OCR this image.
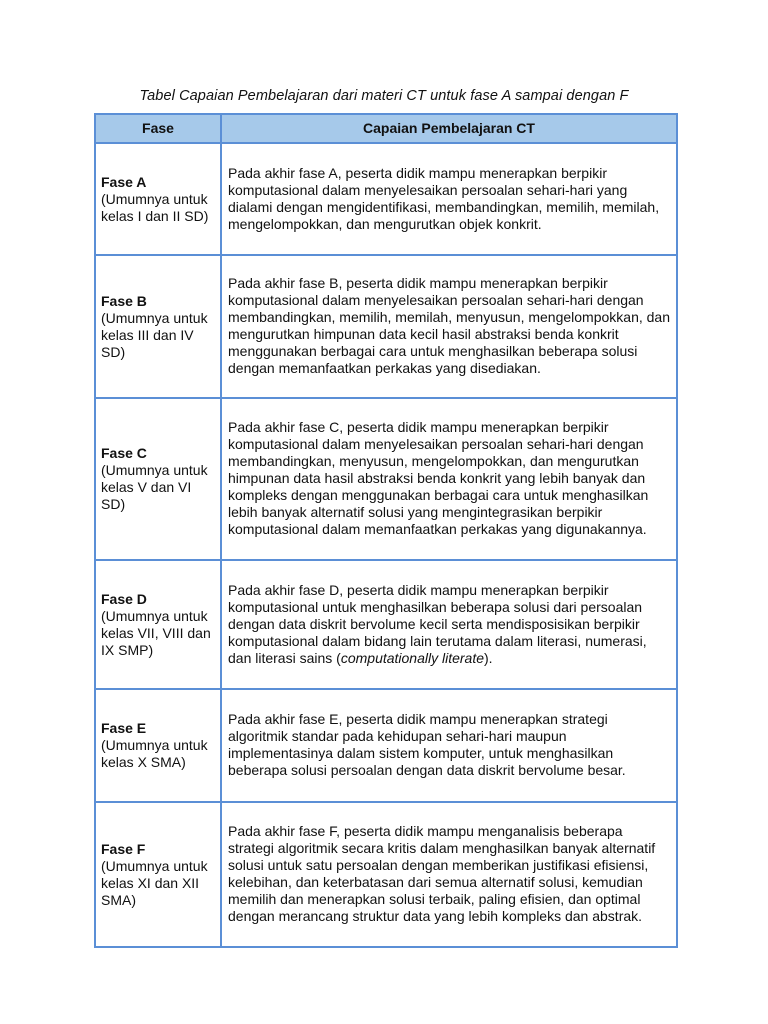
Tabel Capaian Pembelajaran dari materi CT untuk fase A sampai dengan F
Fase	Capaian Pembelajaran CT

Fase A
(Umumnya untuk kelas I dan II SD)	Pada akhir fase A, peserta didik mampu menerapkan berpikir komputasional dalam menyelesaikan persoalan sehari-hari yang dialami dengan mengidentifikasi, membandingkan, memilih, memilah, mengelompokkan, dan mengurutkan objek konkrit.

Fase B
(Umumnya untuk kelas III dan IV SD)	Pada akhir fase B, peserta didik mampu menerapkan berpikir komputasional dalam menyelesaikan persoalan sehari-hari dengan membandingkan, memilih, memilah, menyusun, mengelompokkan, dan mengurutkan himpunan data kecil hasil abstraksi benda konkrit menggunakan berbagai cara untuk menghasilkan beberapa solusi dengan memanfaatkan perkakas yang disediakan.

Fase C
(Umumnya untuk kelas V dan VI SD)	Pada akhir fase C, peserta didik mampu menerapkan berpikir komputasional dalam menyelesaikan persoalan sehari-hari dengan membandingkan, menyusun, mengelompokkan, dan mengurutkan himpunan data hasil abstraksi benda konkrit yang lebih banyak dan kompleks dengan menggunakan berbagai cara untuk menghasilkan lebih banyak alternatif solusi yang mengintegrasikan berpikir komputasional dalam memanfaatkan perkakas yang digunakannya.

Fase D
(Umumnya untuk kelas VII, VIII dan IX SMP)	Pada akhir fase D, peserta didik mampu menerapkan berpikir komputasional untuk menghasilkan beberapa solusi dari persoalan dengan data diskrit bervolume kecil serta mendisposisikan berpikir komputasional dalam bidang lain terutama dalam literasi, numerasi, dan literasi sains (computationally literate).

Fase E
(Umumnya untuk kelas X SMA)	Pada akhir fase E, peserta didik mampu menerapkan strategi algoritmik standar pada kehidupan sehari-hari maupun implementasinya dalam sistem komputer, untuk menghasilkan beberapa solusi persoalan dengan data diskrit bervolume besar.

Fase F
(Umumnya untuk kelas XI dan XII SMA)	Pada akhir fase F, peserta didik mampu menganalisis beberapa strategi algoritmik secara kritis dalam menghasilkan banyak alternatif solusi untuk satu persoalan dengan memberikan justifikasi efisiensi, kelebihan, dan keterbatasan dari semua alternatif solusi, kemudian memilih dan menerapkan solusi terbaik, paling efisien, dan optimal dengan merancang struktur data yang lebih kompleks dan abstrak.
